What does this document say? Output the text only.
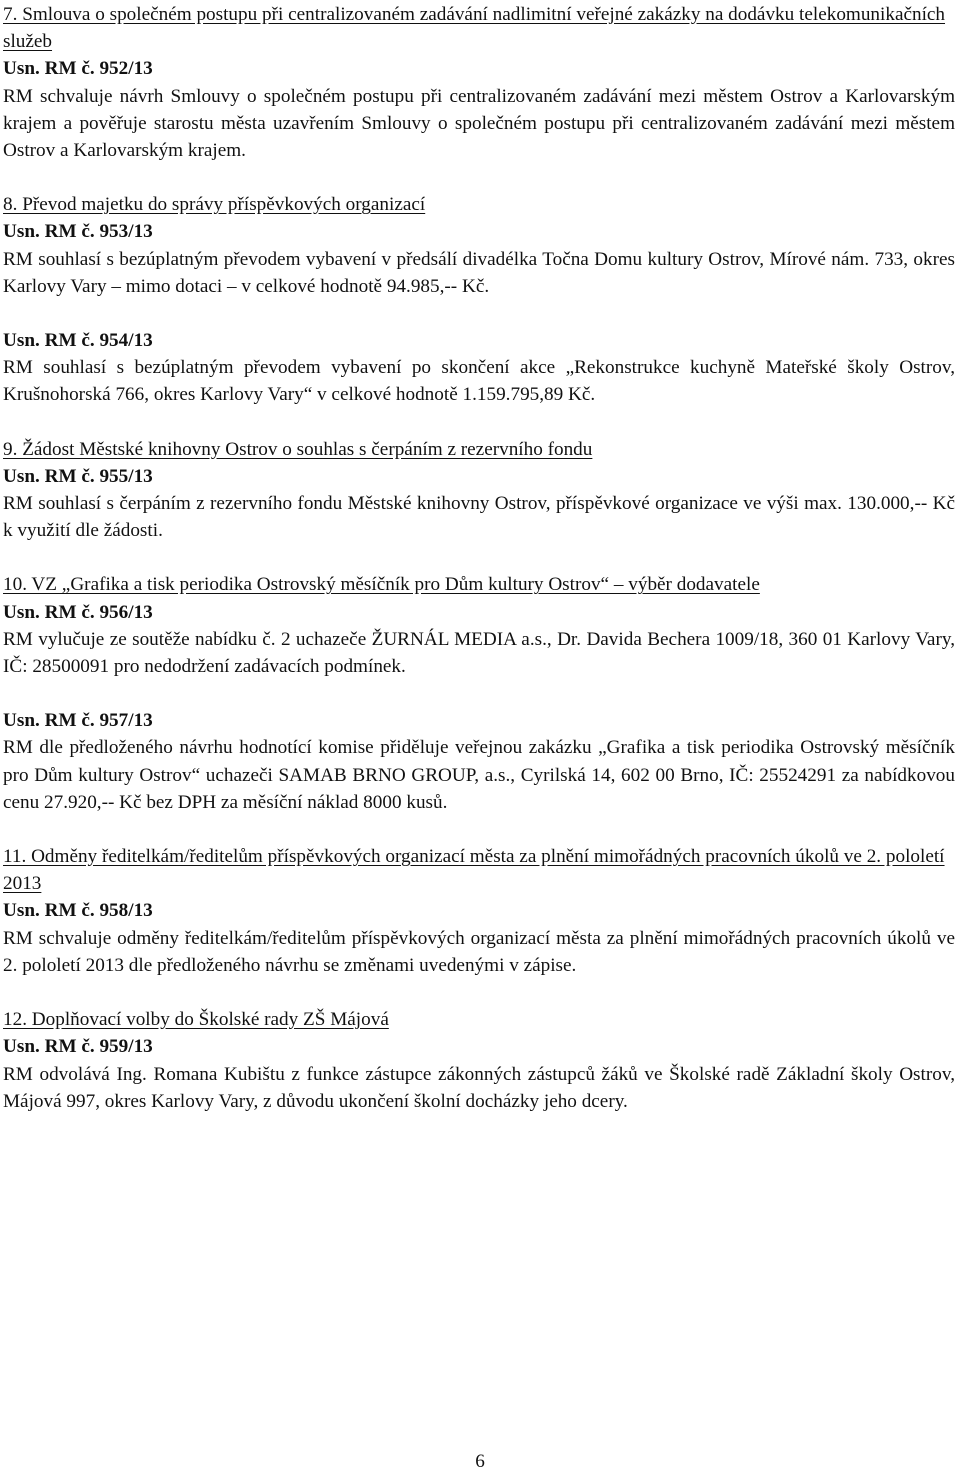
7. Smlouva o společném postupu při centralizovaném zadávání nadlimitní veřejné zakázky na dodávku telekomunikačních služeb
Usn. RM č. 952/13
RM schvaluje návrh Smlouvy o společném postupu při centralizovaném zadávání mezi městem Ostrov a Karlovarským krajem a pověřuje starostu města uzavřením Smlouvy o společném postupu při centralizovaném zadávání mezi městem Ostrov a Karlovarským krajem.
8. Převod majetku do správy příspěvkových organizací
Usn. RM č. 953/13
RM souhlasí s bezúplatným převodem vybavení v předsálí divadélka Točna Domu kultury Ostrov, Mírové nám. 733, okres Karlovy Vary – mimo dotaci – v celkové hodnotě 94.985,-- Kč.
Usn. RM č. 954/13
RM souhlasí s bezúplatným převodem vybavení po skončení akce „Rekonstrukce kuchyně Mateřské školy Ostrov, Krušnohorská 766, okres Karlovy Vary“ v celkové hodnotě 1.159.795,89 Kč.
9. Žádost Městské knihovny Ostrov o souhlas s čerpáním z rezervního fondu
Usn. RM č. 955/13
RM souhlasí s čerpáním z rezervního fondu Městské knihovny Ostrov, příspěvkové organizace ve výši max. 130.000,-- Kč k využití dle žádosti.
10. VZ „Grafika a tisk periodika Ostrovský měsíčník pro Dům kultury Ostrov“ – výběr dodavatele
Usn. RM č. 956/13
RM vylučuje ze soutěže nabídku č. 2 uchazeče ŽURNÁL MEDIA a.s., Dr. Davida Bechera 1009/18, 360 01 Karlovy Vary, IČ: 28500091 pro nedodržení zadávacích podmínek.
Usn. RM č. 957/13
RM dle předloženého návrhu hodnotící komise přiděluje veřejnou zakázku „Grafika a tisk periodika Ostrovský měsíčník pro Dům kultury Ostrov“ uchazeči SAMAB BRNO GROUP, a.s., Cyrilská 14, 602 00 Brno, IČ: 25524291 za nabídkovou cenu 27.920,-- Kč bez DPH za měsíční náklad 8000 kusů.
11. Odměny ředitelkám/ředitelům příspěvkových organizací města za plnění mimořádných pracovních úkolů ve 2. pololetí 2013
Usn. RM č. 958/13
RM schvaluje odměny ředitelkám/ředitelům příspěvkových organizací města za plnění mimořádných pracovních úkolů ve 2. pololetí 2013 dle předloženého návrhu se změnami uvedenými v zápise.
12. Doplňovací volby do Školské rady ZŠ Májová
Usn. RM č. 959/13
RM odvolává Ing. Romana Kubištu z funkce zástupce zákonných zástupců žáků ve Školské radě Základní školy Ostrov, Májová 997, okres Karlovy Vary, z důvodu ukončení školní docházky jeho dcery.
6
